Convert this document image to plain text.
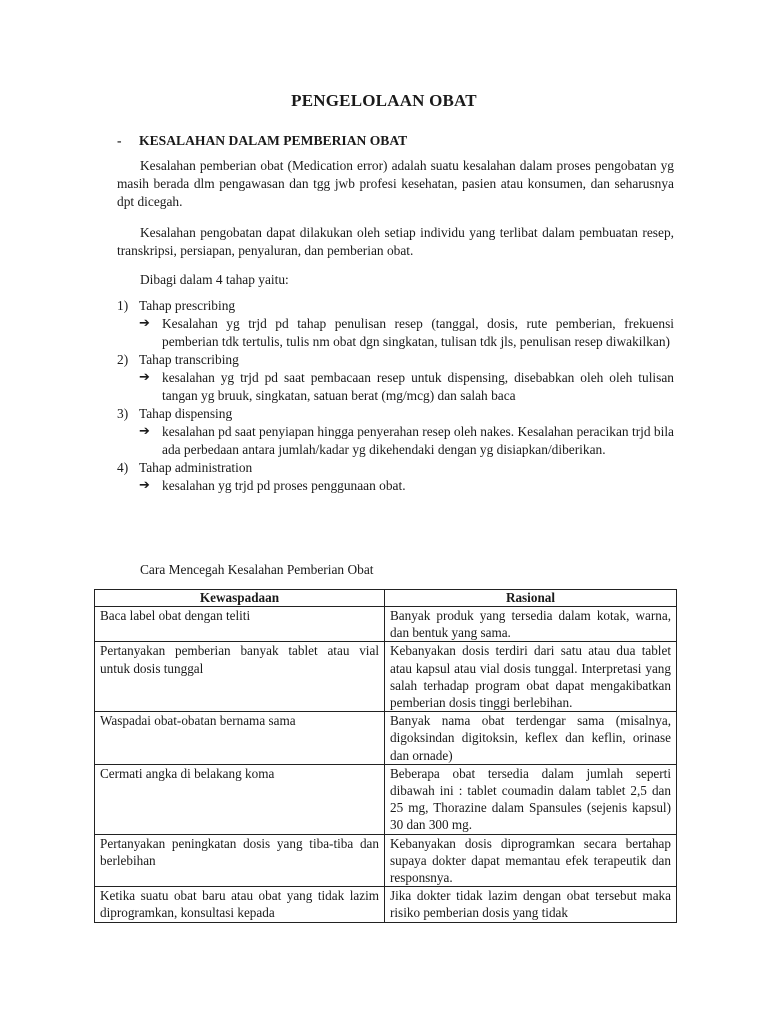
PENGELOLAAN OBAT
- KESALAHAN DALAM PEMBERIAN OBAT

Kesalahan pemberian obat (Medication error) adalah suatu kesalahan dalam proses pengobatan yg masih berada dlm pengawasan dan tgg jwb profesi kesehatan, pasien atau konsumen, dan seharusnya dpt dicegah.

Kesalahan pengobatan dapat dilakukan oleh setiap individu yang terlibat dalam pembuatan resep, transkripsi, persiapan, penyaluran, dan pemberian obat.

Dibagi dalam 4 tahap yaitu:

1) Tahap prescribing
➔ Kesalahan yg trjd pd tahap penulisan resep (tanggal, dosis, rute pemberian, frekuensi pemberian tdk tertulis, tulis nm obat dgn singkatan, tulisan tdk jls, penulisan resep diwakilkan)
2) Tahap transcribing
➔ kesalahan yg trjd pd saat pembacaan resep untuk dispensing, disebabkan oleh oleh tulisan tangan yg bruuk, singkatan, satuan berat (mg/mcg) dan salah baca
3) Tahap dispensing
➔ kesalahan pd saat penyiapan hingga penyerahan resep oleh nakes. Kesalahan peracikan trjd bila ada perbedaan antara jumlah/kadar yg dikehendaki dengan yg disiapkan/diberikan.
4) Tahap administration
➔ kesalahan yg trjd pd proses penggunaan obat.
Cara Mencegah Kesalahan Pemberian Obat
Kewaspadaan	Rasional
Baca label obat dengan teliti	Banyak produk yang tersedia dalam kotak, warna, dan bentuk yang sama.
Pertanyakan pemberian banyak tablet atau vial untuk dosis tunggal	Kebanyakan dosis terdiri dari satu atau dua tablet atau kapsul atau vial dosis tunggal. Interpretasi yang salah terhadap program obat dapat mengakibatkan pemberian dosis tinggi berlebihan.
Waspadai obat-obatan bernama sama	Banyak nama obat terdengar sama (misalnya, digoksindan digitoksin, keflex dan keflin, orinase dan ornade)
Cermati angka di belakang koma	Beberapa obat tersedia dalam jumlah seperti dibawah ini : tablet coumadin dalam tablet 2,5 dan 25 mg, Thorazine dalam Spansules (sejenis kapsul) 30 dan 300 mg.
Pertanyakan peningkatan dosis yang tiba-tiba dan berlebihan	Kebanyakan dosis diprogramkan secara bertahap supaya dokter dapat memantau efek terapeutik dan responsnya.
Ketika suatu obat baru atau obat yang tidak lazim diprogramkan, konsultasi kepada	Jika dokter tidak lazim dengan obat tersebut maka risiko pemberian dosis yang tidak
